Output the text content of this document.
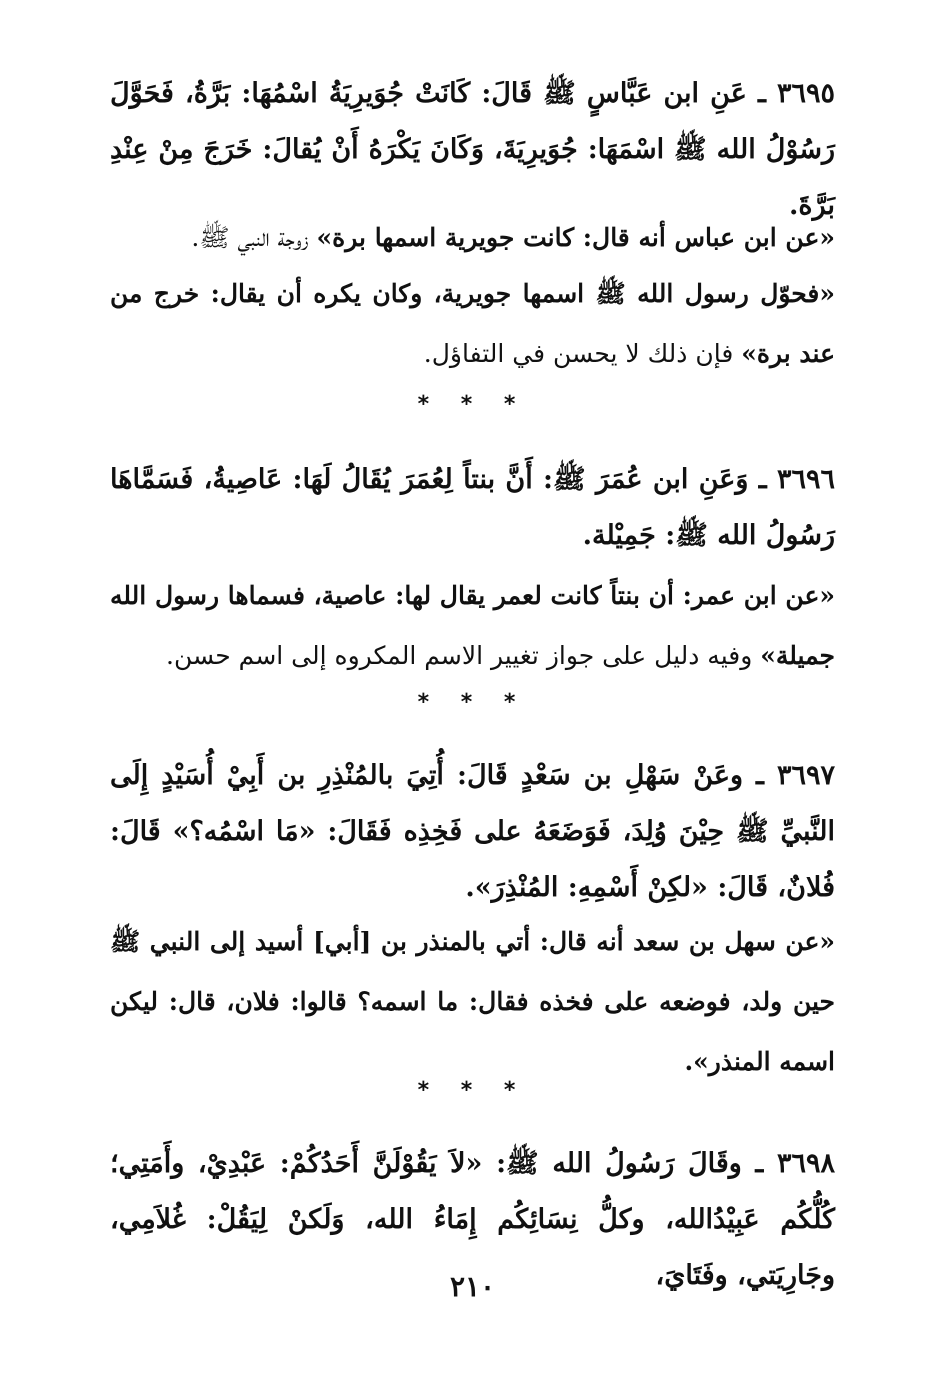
٣٦٩٥ ـ عَنِ ابن عَبَّاسٍ ﷺ قَالَ: كَانَتْ جُوَيرِيَةُ اسْمُهَا: بَرَّةُ، فَحَوَّلَ رَسُوْلُ الله ﷺ اسْمَهَا: جُوَيرِيَةَ، وَكَانَ يَكْرَهُ أَنْ يُقالَ: خَرَجَ مِنْ عِنْدِ بَرَّةَ.

«عن ابن عباس أنه قال: كانت جويرية اسمها برة» زوجة النبي ﷺ.

«فحوّل رسول الله ﷺ اسمها جويرية، وكان يكره أن يقال: خرج من عند برة» فإن ذلك لا يحسن في التفاؤل.

* * *

٣٦٩٦ ـ وَعَنِ ابن عُمَرَ ﷺ: أَنَّ بنتاً لِعُمَرَ يُقَالُ لَهَا: عَاصِيةُ، فَسَمَّاهَا رَسُولُ الله ﷺ: جَمِيْلة.

«عن ابن عمر: أن بنتاً كانت لعمر يقال لها: عاصية، فسماها رسول الله جميلة» وفيه دليل على جواز تغيير الاسم المكروه إلى اسم حسن.

* * *

٣٦٩٧ ـ وعَنْ سَهْلِ بن سَعْدٍ قَالَ: أُتِيَ بالمُنْذِرِ بن أَبِيْ أُسَيْدٍ إِلَى النَّبيِّ ﷺ حِيْنَ وُلِدَ، فَوَضَعَهُ على فَخِذِه فَقَالَ: «مَا اسْمُه؟» قَالَ: فُلانٌ، قَالَ: «لكِنْ أَسْمِهِ: المُنْذِرَ».

«عن سهل بن سعد أنه قال: أتي بالمنذر بن [أبي] أسيد إلى النبي ﷺ حين ولد، فوضعه على فخذه فقال: ما اسمه؟ قالوا: فلان، قال: ليكن اسمه المنذر».

* * *

٣٦٩٨ ـ وقَالَ رَسُولُ الله ﷺ: «لاَ يَقُوْلَنَّ أَحَدُكُمْ: عَبْدِيْ، وأَمَتِي؛ كُلُّكُم عَبِيْدُالله، وكلُّ نِسَائِكُم إِمَاءُ الله، وَلَكنْ لِيَقُلْ: غُلاَمِي، وجَارِيَتي، وفَتَايَ،

٢١٠
